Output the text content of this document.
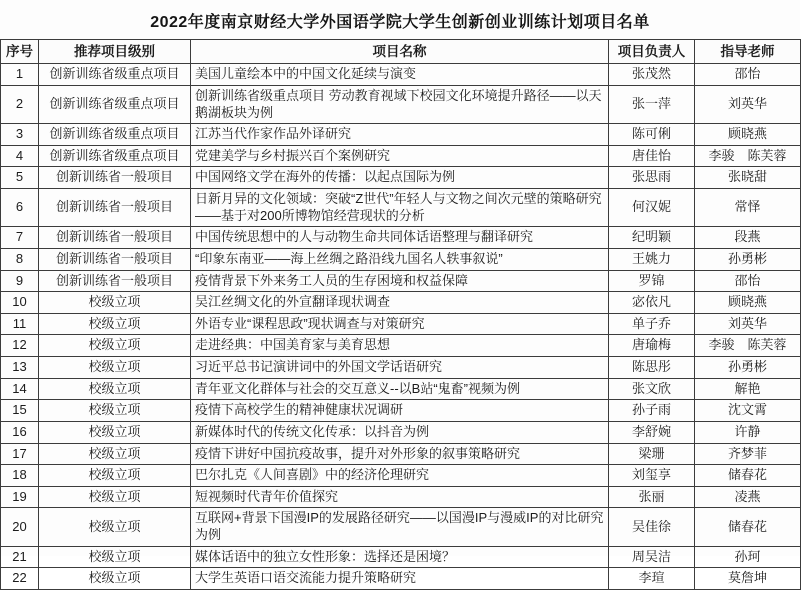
2022年度南京财经大学外国语学院大学生创新创业训练计划项目名单
序号	推荐项目级别	项目名称	项目负责人	指导老师
1	创新训练省级重点项目	美国儿童绘本中的中国文化延续与演变	张茂然	邵怡
2	创新训练省级重点项目	创新训练省级重点项目 劳动教育视域下校园文化环境提升路径——以天鹅湖板块为例	张一萍	刘英华
3	创新训练省级重点项目	江苏当代作家作品外译研究	陈可俐	顾晓燕
4	创新训练省级重点项目	党建美学与乡村振兴百个案例研究	唐佳怡	李骏　陈芙蓉
5	创新训练省一般项目	中国网络文学在海外的传播：以起点国际为例	张思雨	张晓甜
6	创新训练省一般项目	日新月异的文化领域：突破“Z世代”年轻人与文物之间次元壁的策略研究——基于对200所博物馆经营现状的分析	何汉妮	常怿
7	创新训练省一般项目	中国传统思想中的人与动物生命共同体话语整理与翻译研究	纪明颖	段燕
8	创新训练省一般项目	“印象东南亚——海上丝绸之路沿线九国名人轶事叙说”	王姚力	孙勇彬
9	创新训练省一般项目	疫情背景下外来务工人员的生存困境和权益保障	罗锦	邵怡
10	校级立项	吴江丝绸文化的外宣翻译现状调查	宓依凡	顾晓燕
11	校级立项	外语专业“课程思政”现状调查与对策研究	单子乔	刘英华
12	校级立项	走进经典：中国美育家与美育思想	唐瑜梅	李骏　陈芙蓉
13	校级立项	习近平总书记演讲词中的外国文学话语研究	陈思彤	孙勇彬
14	校级立项	青年亚文化群体与社会的交互意义--以B站“鬼畜”视频为例	张文欣	解艳
15	校级立项	疫情下高校学生的精神健康状况调研	孙子雨	沈文霄
16	校级立项	新媒体时代的传统文化传承：以抖音为例	李舒婉	许静
17	校级立项	疫情下讲好中国抗疫故事，提升对外形象的叙事策略研究	梁珊	齐梦菲
18	校级立项	巴尔扎克《人间喜剧》中的经济伦理研究	刘玺享	储春花
19	校级立项	短视频时代青年价值探究	张丽	凌燕
20	校级立项	互联网+背景下国漫IP的发展路径研究——以国漫IP与漫威IP的对比研究为例	吴佳徐	储春花
21	校级立项	媒体话语中的独立女性形象：选择还是困境？	周吴洁	孙珂
22	校级立项	大学生英语口语交流能力提升策略研究	李瑄	莫詹坤
